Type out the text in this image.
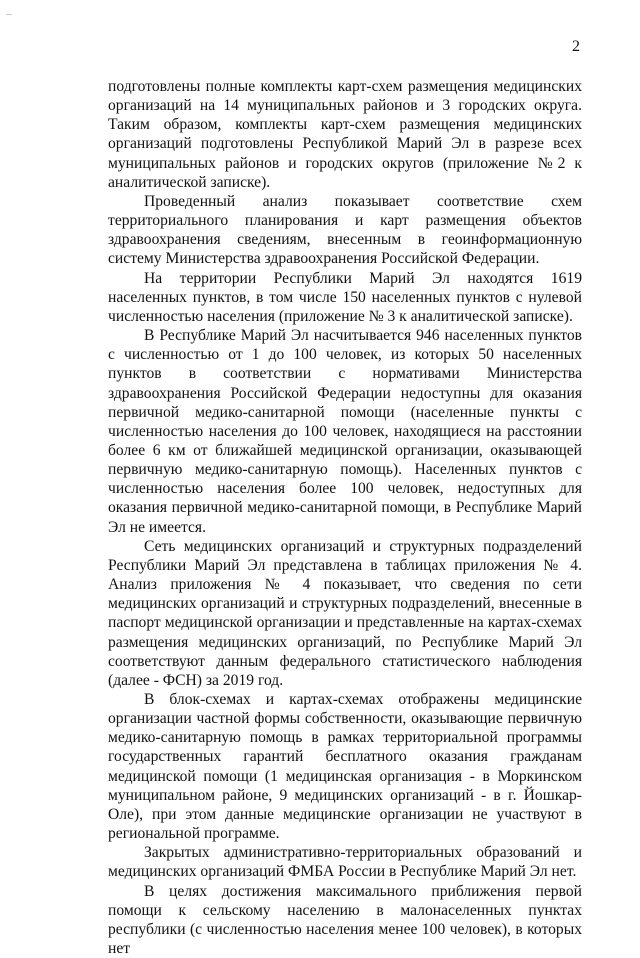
2

подготовлены полные комплекты карт-схем размещения медицинских организаций на 14 муниципальных районов и 3 городских округа. Таким образом, комплекты карт-схем размещения медицинских организаций подготовлены Республикой Марий Эл в разрезе всех муниципальных районов и городских округов (приложение №2 к аналитической записке).

Проведенный анализ показывает соответствие схем территориального планирования и карт размещения объектов здравоохранения сведениям, внесенным в геоинформационную систему Министерства здравоохранения Российской Федерации.

На территории Республики Марий Эл находятся 1619 населенных пунктов, в том числе 150 населенных пунктов с нулевой численностью населения (приложение № 3 к аналитической записке).

В Республике Марий Эл насчитывается 946 населенных пунктов с численностью от 1 до 100 человек, из которых 50 населенных пунктов в соответствии с нормативами Министерства здравоохранения Российской Федерации недоступны для оказания первичной медико-санитарной помощи (населенные пункты с численностью населения до 100 человек, находящиеся на расстоянии более 6 км от ближайшей медицинской организации, оказывающей первичную медико-санитарную помощь). Населенных пунктов с численностью населения более 100 человек, недоступных для оказания первичной медико-санитарной помощи, в Республике Марий Эл не имеется.

Сеть медицинских организаций и структурных подразделений Республики Марий Эл представлена в таблицах приложения № 4. Анализ приложения № 4 показывает, что сведения по сети медицинских организаций и структурных подразделений, внесенные в паспорт медицинской организации и представленные на картах-схемах размещения медицинских организаций, по Республике Марий Эл соответствуют данным федерального статистического наблюдения (далее - ФСН) за 2019 год.

В блок-схемах и картах-схемах отображены медицинские организации частной формы собственности, оказывающие первичную медико-санитарную помощь в рамках территориальной программы государственных гарантий бесплатного оказания гражданам медицинской помощи (1 медицинская организация - в Моркинском муниципальном районе, 9 медицинских организаций - в г. Йошкар-Оле), при этом данные медицинские организации не участвуют в региональной программе.

Закрытых административно-территориальных образований и медицинских организаций ФМБА России в Республике Марий Эл нет.

В целях достижения максимального приближения первой помощи к сельскому населению в малонаселенных пунктах республики (с численностью населения менее 100 человек), в которых нет
